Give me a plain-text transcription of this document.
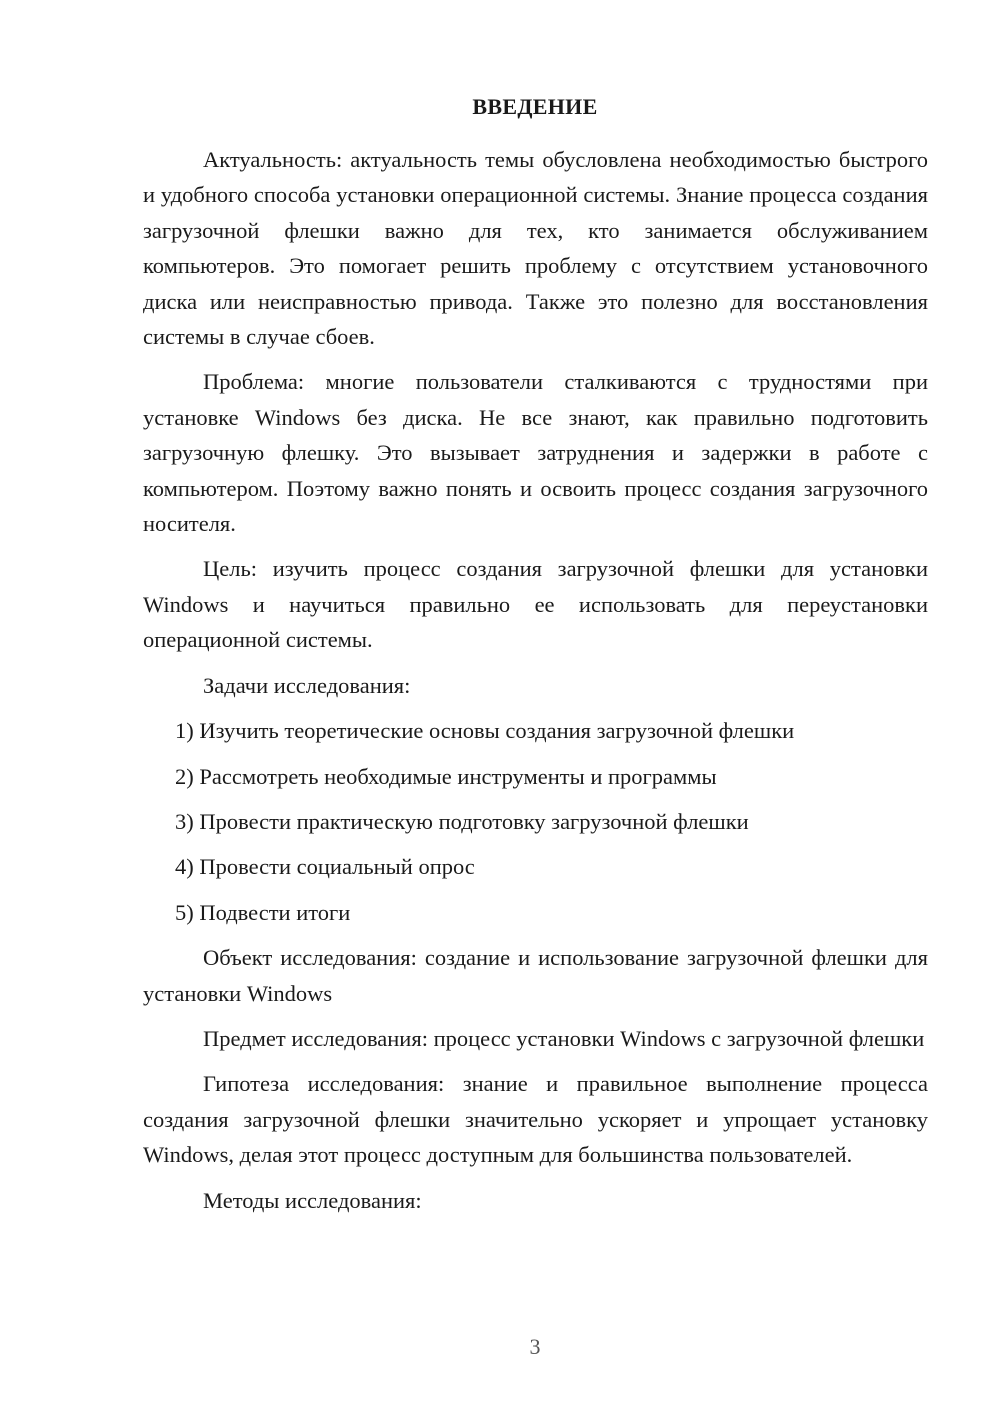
ВВЕДЕНИЕ

Актуальность: актуальность темы обусловлена необходимостью быстрого и удобного способа установки операционной системы. Знание процесса создания загрузочной флешки важно для тех, кто занимается обслуживанием компьютеров. Это помогает решить проблему с отсутствием установочного диска или неисправностью привода. Также это полезно для восстановления системы в случае сбоев.

Проблема: многие пользователи сталкиваются с трудностями при установке Windows без диска. Не все знают, как правильно подготовить загрузочную флешку. Это вызывает затруднения и задержки в работе с компьютером. Поэтому важно понять и освоить процесс создания загрузочного носителя.

Цель: изучить процесс создания загрузочной флешки для установки Windows и научиться правильно ее использовать для переустановки операционной системы.

Задачи исследования:

1) Изучить теоретические основы создания загрузочной флешки
2) Рассмотреть необходимые инструменты и программы
3) Провести практическую подготовку загрузочной флешки
4) Провести социальный опрос
5) Подвести итоги

Объект исследования: создание и использование загрузочной флешки для установки Windows

Предмет исследования: процесс установки Windows с загрузочной флешки

Гипотеза исследования: знание и правильное выполнение процесса создания загрузочной флешки значительно ускоряет и упрощает установку Windows, делая этот процесс доступным для большинства пользователей.

Методы исследования:

3
